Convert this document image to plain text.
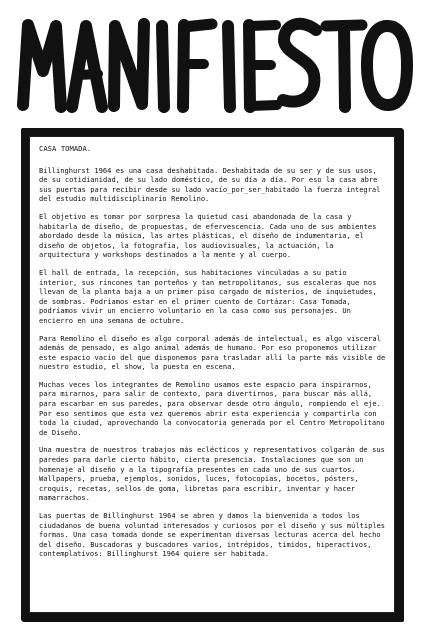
CASA TOMADA.

Billinghurst 1964 es una casa deshabitada. Deshabitada de su ser y de sus usos, de su cotidianidad, de su lado doméstico, de su día a día. Por eso la casa abre sus puertas para recibir desde su lado vacío_por_ser_habitado la fuerza integral del estudio multidisciplinario Remolino.

El objetivo es tomar por sorpresa la quietud casi abandonada de la casa y habitarla de diseño, de propuestas, de efervescencia. Cada uno de sus ambientes abordado desde la música, las artes plásticas, el diseño de indumentaria, el diseño de objetos, la fotografía, los audiovisuales, la actuación, la arquitectura y workshops destinados a la mente y al cuerpo.

El hall de entrada, la recepción, sus habitaciones vinculadas a su patio interior, sus rincones tan porteños y tan metropolitanos, sus escaleras que nos llevan de la planta baja a un primer piso cargado de misterios, de inquietudes, de sombras. Podríamos estar en el primer cuento de Cortázar: Casa Tomada, podríamos vivir un encierro voluntario en la casa como sus personajes. Un encierro en una semana de octubre.

Para Remolino el diseño es algo corporal además de intelectual, es algo visceral además de pensado, es algo animal además de humano. Por eso proponemos utilizar este espacio vacío del que disponemos para trasladar allí la parte más visible de nuestro estudio, el show, la puesta en escena.

Muchas veces los integrantes de Remolino usamos este espacio para inspirarnos, para mirarnos, para salir de contexto, para divertirnos, para buscar más allá, para escarbar en sus paredes, para observar desde otro ángulo, rompiendo el eje. Por eso sentimos que esta vez queremos abrir esta experiencia y compartirla con toda la ciudad, aprovechando la convocatoria generada por el Centro Metropolitano de Diseño.

Una muestra de nuestros trabajos más eclécticos y representativos colgarán de sus paredes para darle cierto hábito, cierta presencia. Instalaciones que son un homenaje al diseño y a la tipografía presentes en cada uno de sus cuartos. Wallpapers, prueba, ejemplos, sonidos, luces, fotocopias, bocetos, pósters, croquis, recetas, sellos de goma, libretas para escribir, inventar y hacer mamarrachos.

Las puertas de Billinghurst 1964 se abren y damos la bienvenida a todos los ciudadanos de buena voluntad interesados y curiosos por el diseño y sus múltiples formas. Una casa tomada donde se experimentan diversas lecturas acerca del hecho del diseño. Buscadoras y buscadores varios, intrépidos, tímidos, hiperactivos, contemplativos: Billinghurst 1964 quiere ser habitada.
